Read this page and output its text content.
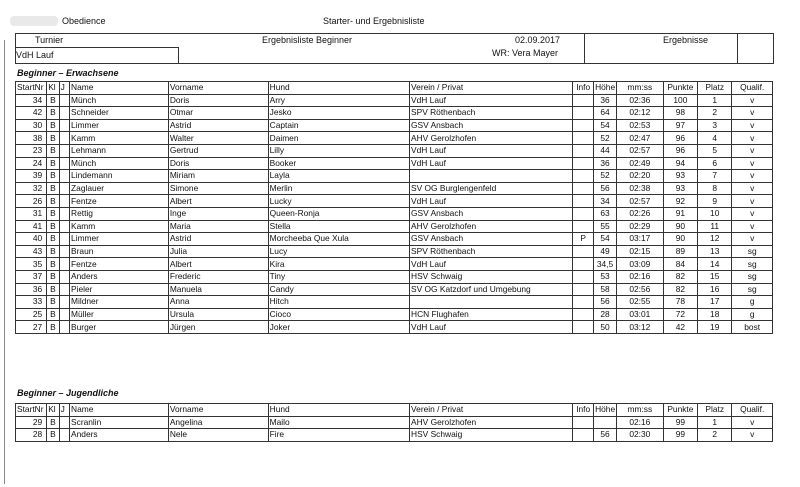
Obedience	Starter- und Ergebnisliste
Turnier	Ergebnisliste Beginner	02.09.2017	Ergebnisse
VdH Lauf	WR: Vera Mayer
Beginner – Erwachsene
StartNr	Kl	J	Name	Vorname	Hund	Verein / Privat	Info	Höhe	mm:ss	Punkte	Platz	Qualif.
34	B		Münch	Doris	Arry	VdH Lauf		36	02:36	100	1	v
42	B		Schneider	Otmar	Jesko	SPV Röthenbach		64	02:12	98	2	v
30	B		Limmer	Astrid	Captain	GSV Ansbach		54	02:53	97	3	v
38	B		Kamm	Walter	Daimen	AHV Gerolzhofen		52	02:47	96	4	v
23	B		Lehmann	Gertrud	Lilly	VdH Lauf		44	02:57	96	5	v
24	B		Münch	Doris	Booker	VdH Lauf		36	02:49	94	6	v
39	B		Lindemann	Miriam	Layla			52	02:20	93	7	v
32	B		Zaglauer	Simone	Merlin	SV OG Burglengenfeld		56	02:38	93	8	v
26	B		Fentze	Albert	Lucky	VdH Lauf		34	02:57	92	9	v
31	B		Rettig	Inge	Queen-Ronja	GSV Ansbach		63	02:26	91	10	v
41	B		Kamm	Maria	Stella	AHV Gerolzhofen		55	02:29	90	11	v
40	B		Limmer	Astrid	Morcheeba Que Xula	GSV Ansbach	P	54	03:17	90	12	v
43	B		Braun	Julia	Lucy	SPV Röthenbach		49	02:15	89	13	sg
35	B		Fentze	Albert	Kira	VdH Lauf		34,5	03:09	84	14	sg
37	B		Anders	Frederic	Tiny	HSV Schwaig		53	02:16	82	15	sg
36	B		Pieler	Manuela	Candy	SV OG Katzdorf und Umgebung		58	02:56	82	16	sg
33	B		Mildner	Anna	Hitch			56	02:55	78	17	g
25	B		Müller	Ursula	Cioco	HCN Flughafen		28	03:01	72	18	g
27	B		Burger	Jürgen	Joker	VdH Lauf		50	03:12	42	19	bost
Beginner – Jugendliche
StartNr	Kl	J	Name	Vorname	Hund	Verein / Privat	Info	Höhe	mm:ss	Punkte	Platz	Qualif.
29	B		Scranlin	Angelina	Mailo	AHV Gerolzhofen			02:16	99	1	v
28	B		Anders	Nele	Fire	HSV Schwaig		56	02:30	99	2	v
